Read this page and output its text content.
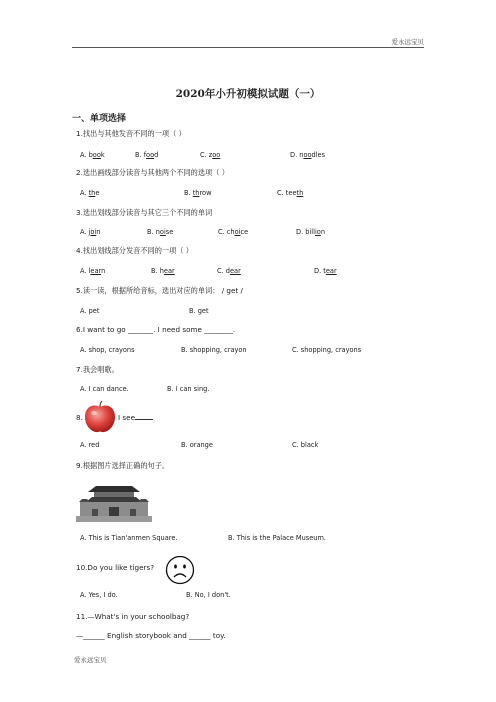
爱永远宝贝
2020年小升初模拟试题（一）
一、单项选择
1.找出与其他发音不同的一项（ ）
A. book	B. food	C. zoo	D. noodles
2.选出画线部分读音与其他两个不同的选项（ ）
A. the	B. throw	C. teeth
3.选出划线部分读音与其它三个不同的单词
A. join	B. noise	C. choice	D. billion
4.找出划线部分发音不同的一项（ ）
A. learn	B. hear	C. dear	D. tear
5.读一读，根据所给音标，选出对应的单词： / get /
A. pet	B. get
6.I want to go _______. I need some ________.
A. shop, crayons	B. shopping, crayon	C. shopping, crayons
7.我会唱歌。
A. I can dance.	B. I can sing.
8.	I see
A. red	B. orange	C. black
9.根据图片选择正确的句子。
A. This is Tian'anmen Square.	B. This is the Palace Museum.
10.Do you like tigers?
A. Yes, I do.	B. No, I don't.
11.—What's in your schoolbag?
—______ English storybook and ______ toy.
爱永远宝贝
